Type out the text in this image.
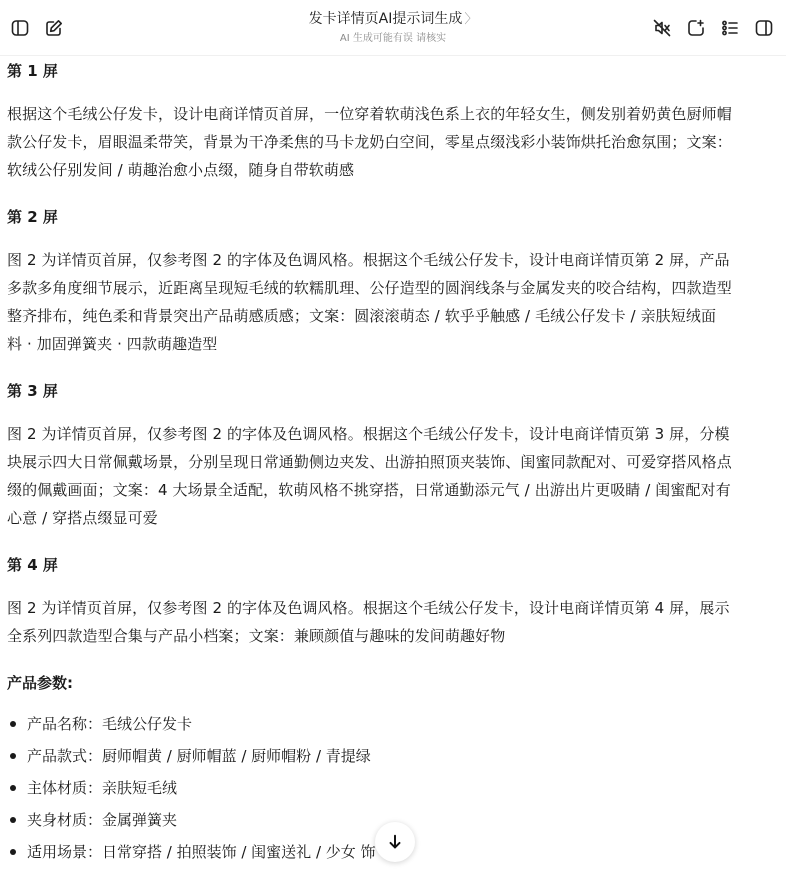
发卡详情页AI提示词生成 〉
AI 生成可能有误 请核实
第 1 屏

根据这个毛绒公仔发卡，设计电商详情页首屏，一位穿着软萌浅色系上衣的年轻女生，侧发别着奶黄色厨师帽

款公仔发卡，眉眼温柔带笑，背景为干净柔焦的马卡龙奶白空间，零星点缀浅彩小装饰烘托治愈氛围；文案：

软绒公仔别发间 / 萌趣治愈小点缀，随身自带软萌感

第 2 屏

图 2 为详情页首屏，仅参考图 2 的字体及色调风格。根据这个毛绒公仔发卡，设计电商详情页第 2 屏，产品

多款多角度细节展示，近距离呈现短毛绒的软糯肌理、公仔造型的圆润线条与金属发夹的咬合结构，四款造型

整齐排布，纯色柔和背景突出产品萌感质感；文案：圆滚滚萌态 / 软乎乎触感 / 毛绒公仔发卡 / 亲肤短绒面

料 · 加固弹簧夹 · 四款萌趣造型

第 3 屏

图 2 为详情页首屏，仅参考图 2 的字体及色调风格。根据这个毛绒公仔发卡，设计电商详情页第 3 屏，分模

块展示四大日常佩戴场景，分别呈现日常通勤侧边夹发、出游拍照顶夹装饰、闺蜜同款配对、可爱穿搭风格点

缀的佩戴画面；文案：4 大场景全适配，软萌风格不挑穿搭，日常通勤添元气 / 出游出片更吸睛 / 闺蜜配对有

心意 / 穿搭点缀显可爱

第 4 屏

图 2 为详情页首屏，仅参考图 2 的字体及色调风格。根据这个毛绒公仔发卡，设计电商详情页第 4 屏，展示

全系列四款造型合集与产品小档案；文案：兼顾颜值与趣味的发间萌趣好物

产品参数:
产品名称：毛绒公仔发卡
产品款式：厨师帽黄 / 厨师帽蓝 / 厨师帽粉 / 青提绿
主体材质：亲肤短毛绒
夹身材质：金属弹簧夹
适用场景：日常穿搭 / 拍照装饰 / 闺蜜送礼 / 少女 饰
